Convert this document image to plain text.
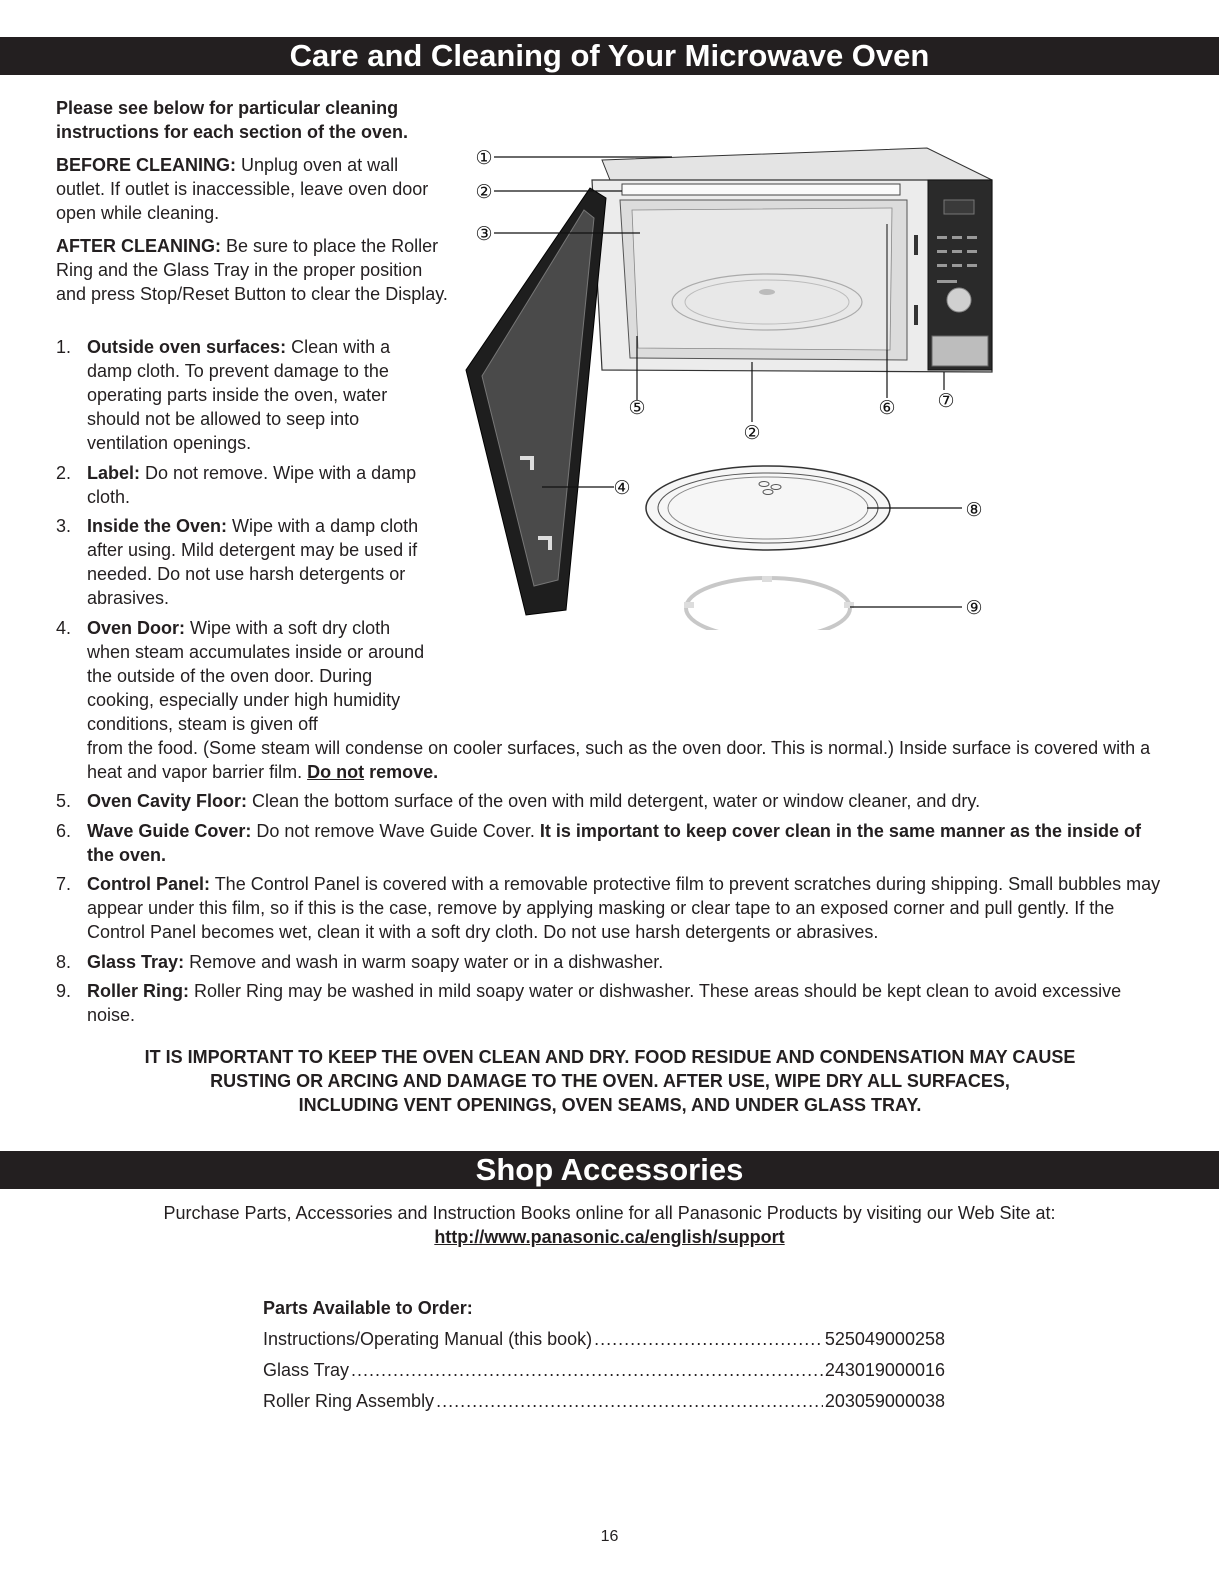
Care and Cleaning of Your Microwave Oven

Please see below for particular cleaning instructions for each section of the oven.

BEFORE CLEANING: Unplug oven at wall outlet. If outlet is inaccessible, leave oven door open while cleaning.

AFTER CLEANING: Be sure to place the Roller Ring and the Glass Tray in the proper position and press Stop/Reset Button to clear the Display.

1. Outside oven surfaces: Clean with a damp cloth. To prevent damage to the operating parts inside the oven, water should not be allowed to seep into ventilation openings.
2. Label: Do not remove. Wipe with a damp cloth.
3. Inside the Oven: Wipe with a damp cloth after using. Mild detergent may be used if needed. Do not use harsh detergents or abrasives.
4. Oven Door: Wipe with a soft dry cloth when steam accumulates inside or around the outside of the oven door. During cooking, especially under high humidity conditions, steam is given off
from the food. (Some steam will condense on cooler surfaces, such as the oven door. This is normal.) Inside surface is covered with a heat and vapor barrier film. Do not remove.
5. Oven Cavity Floor: Clean the bottom surface of the oven with mild detergent, water or window cleaner, and dry.
6. Wave Guide Cover: Do not remove Wave Guide Cover. It is important to keep cover clean in the same manner as the inside of the oven.
7. Control Panel: The Control Panel is covered with a removable protective film to prevent scratches during shipping. Small bubbles may appear under this film, so if this is the case, remove by applying masking or clear tape to an exposed corner and pull gently. If the Control Panel becomes wet, clean it with a soft dry cloth. Do not use harsh detergents or abrasives.
8. Glass Tray: Remove and wash in warm soapy water or in a dishwasher.
9. Roller Ring: Roller Ring may be washed in mild soapy water or dishwasher. These areas should be kept clean to avoid excessive noise.
①
②
③
④
⑤
②
⑥ ⑦
⑧
⑨
IT IS IMPORTANT TO KEEP THE OVEN CLEAN AND DRY. FOOD RESIDUE AND CONDENSATION MAY CAUSE
RUSTING OR ARCING AND DAMAGE TO THE OVEN. AFTER USE, WIPE DRY ALL SURFACES,
INCLUDING VENT OPENINGS, OVEN SEAMS, AND UNDER GLASS TRAY.
Shop Accessories
Purchase Parts, Accessories and Instruction Books online for all Panasonic Products by visiting our Web Site at:
http://www.panasonic.ca/english/support
Parts Available to Order:
Instructions/Operating Manual (this book) .....	525049000258
Glass Tray .....	243019000016
Roller Ring Assembly .....	203059000038
16
